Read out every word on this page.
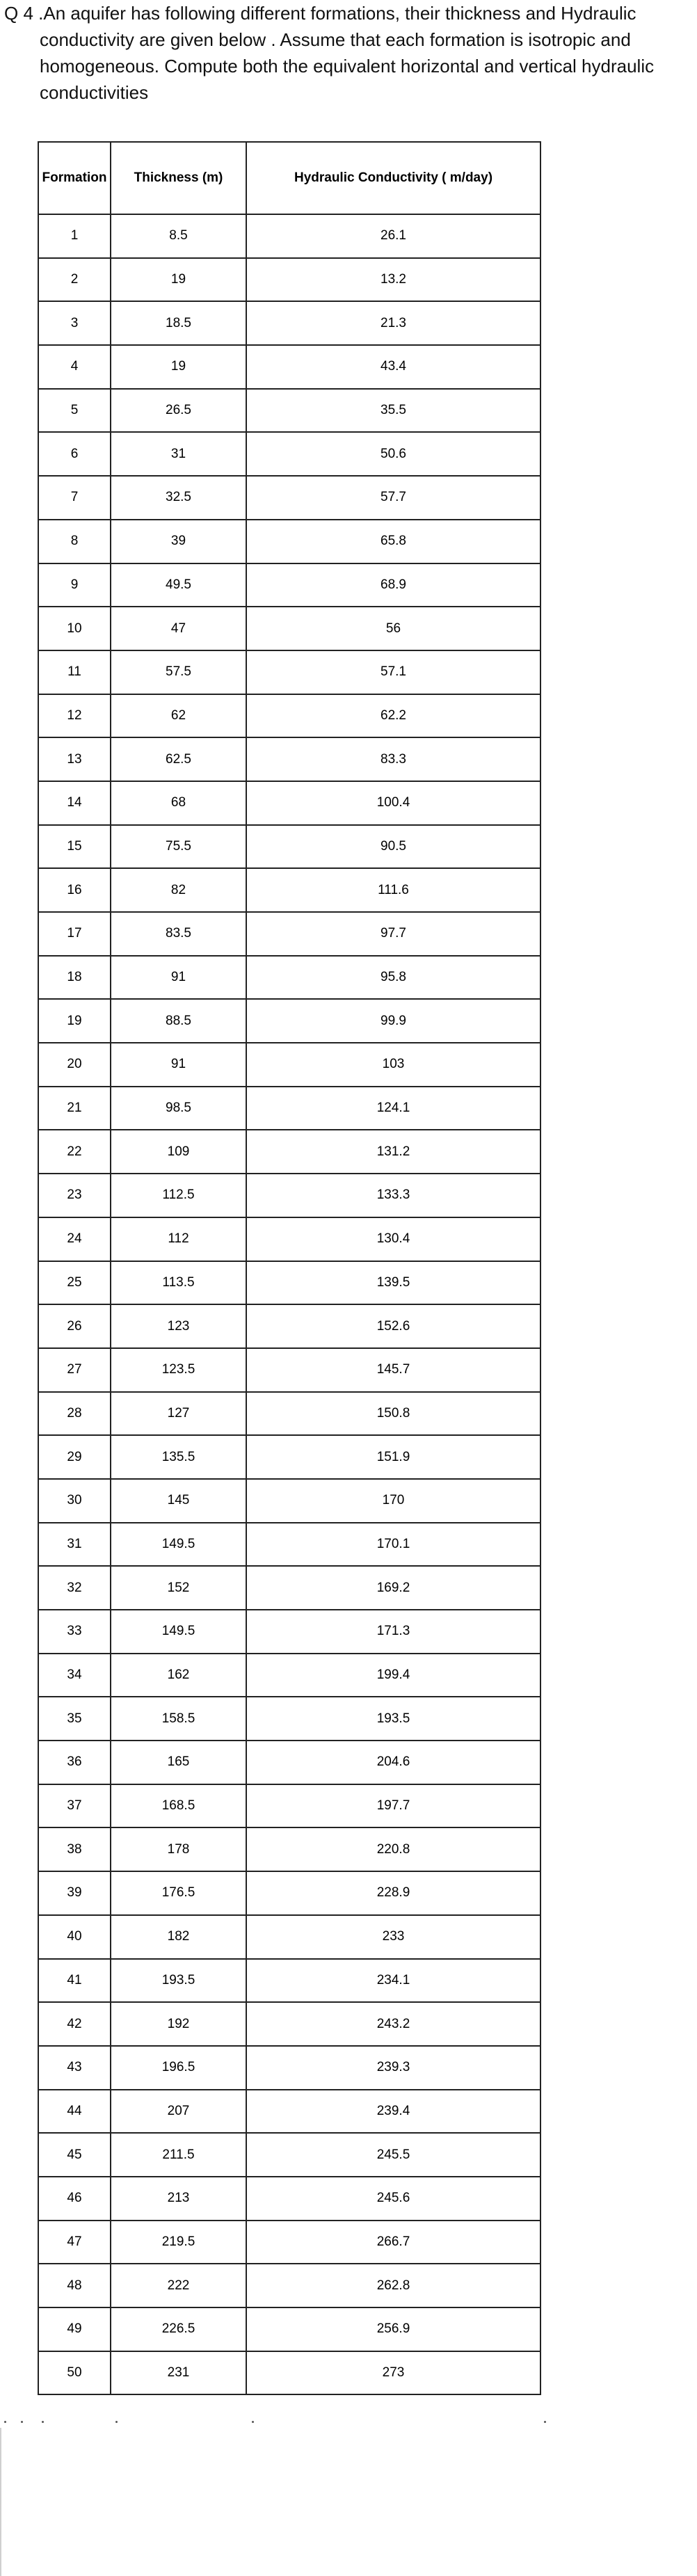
Q 4 .An aquifer has following different formations, their thickness and Hydraulic

conductivity are given below . Assume that each formation is isotropic and

homogeneous. Compute both the equivalent horizontal and vertical hydraulic

conductivities

Formation	Thickness (m)	Hydraulic Conductivity ( m/day)
1	8.5	26.1
2	19	13.2
3	18.5	21.3
4	19	43.4
5	26.5	35.5
6	31	50.6
7	32.5	57.7
8	39	65.8
9	49.5	68.9
10	47	56
11	57.5	57.1
12	62	62.2
13	62.5	83.3
14	68	100.4
15	75.5	90.5
16	82	111.6
17	83.5	97.7
18	91	95.8
19	88.5	99.9
20	91	103
21	98.5	124.1
22	109	131.2
23	112.5	133.3
24	112	130.4
25	113.5	139.5
26	123	152.6
27	123.5	145.7
28	127	150.8
29	135.5	151.9
30	145	170
31	149.5	170.1
32	152	169.2
33	149.5	171.3
34	162	199.4
35	158.5	193.5
36	165	204.6
37	168.5	197.7
38	178	220.8
39	176.5	228.9
40	182	233
41	193.5	234.1
42	192	243.2
43	196.5	239.3
44	207	239.4
45	211.5	245.5
46	213	245.6
47	219.5	266.7
48	222	262.8
49	226.5	256.9
50	231	273
